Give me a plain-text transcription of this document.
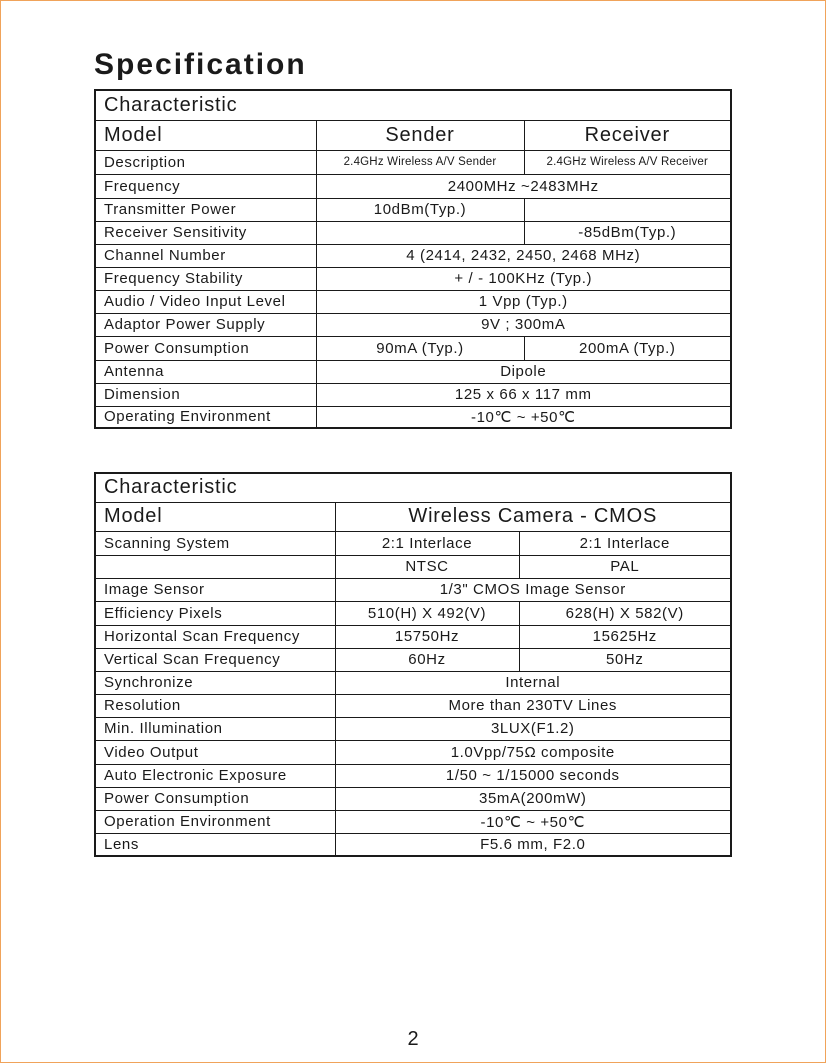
Specification
Characteristic		
Model	Sender	Receiver
Description	2.4GHz Wireless A/V Sender	2.4GHz Wireless A/V Receiver
Frequency	2400MHz ~2483MHz	
Transmitter Power	10dBm(Typ.)	
Receiver Sensitivity		-85dBm(Typ.)
Channel Number	4 (2414, 2432, 2450, 2468 MHz)	
Frequency Stability	+ / - 100KHz (Typ.)	
Audio / Video Input Level	1 Vpp (Typ.)	
Adaptor Power Supply	9V ; 300mA	
Power Consumption	90mA (Typ.)	200mA (Typ.)
Antenna	Dipole	
Dimension	125 x 66 x 117 mm	
Operating Environment	-10℃ ~ +50℃	
Characteristic		
Model	Wireless Camera - CMOS	
Scanning System	2:1 Interlace	2:1 Interlace
	NTSC	PAL
Image Sensor	1/3" CMOS Image Sensor	
Efficiency Pixels	510(H) X 492(V)	628(H) X 582(V)
Horizontal Scan Frequency	15750Hz	15625Hz
Vertical Scan Frequency	60Hz	50Hz
Synchronize	Internal	
Resolution	More than 230TV Lines	
Min. Illumination	3LUX(F1.2)	
Video Output	1.0Vpp/75Ω composite	
Auto Electronic Exposure	1/50 ~ 1/15000 seconds	
Power Consumption	35mA(200mW)	
Operation Environment	-10℃ ~ +50℃	
Lens	F5.6 mm, F2.0	
2
